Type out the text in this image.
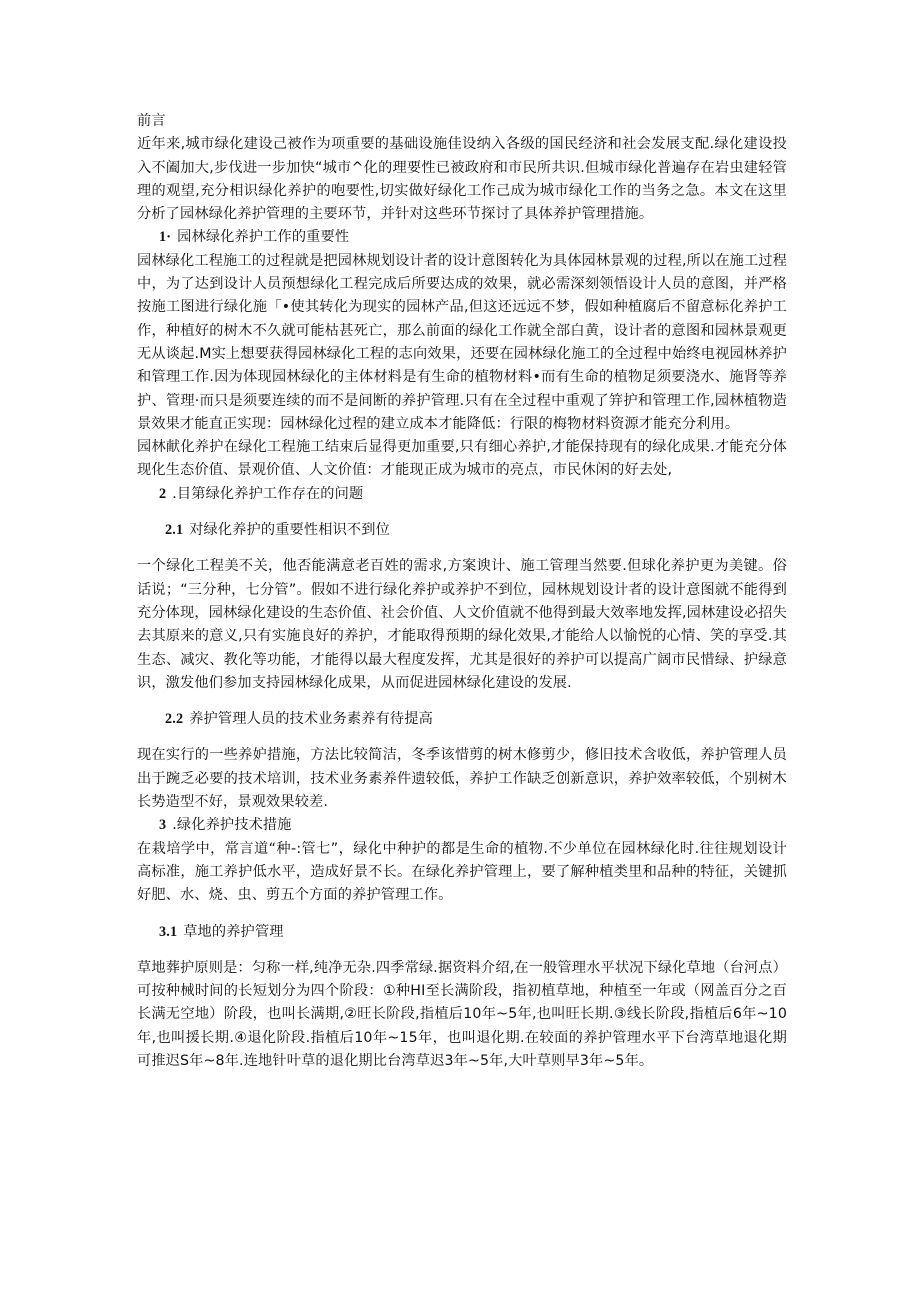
前言

近年来,城市绿化建设己被作为项重要的基础设施佳设纳入各级的国民经济和社会发展支配.绿化建设投入不阖加大,步伐进一步加快“城市^化的理要性已被政府和市民所共识.但城市绿化普遍存在岩虫建轻管理的观望,充分相识绿化养护的咆要性,切实做好绿化工作己成为城市绿化工作的当务之急。本文在这里分析了园林绿化养护管理的主要环节，并针对这些环节探讨了具体养护管理措施。

1· 园林绿化养护工作的重要性

园林绿化工程施工的过程就是把园林规划设计者的设计意图转化为具体园林景观的过程,所以在施工过程中，为了达到设计人员预想绿化工程完成后所要达成的效果，就必需深刻领悟设计人员的意图，并严格按施工图进行绿化施「•使其转化为现实的园林产品,但这还远远不梦，假如种植腐后不留意标化养护工作，种植好的树木不久就可能枯甚死亡，那么前面的绿化工作就全部白黄，设计者的意图和园林景观更无从谈起.M实上想要获得园林绿化工程的志向效果，还要在园林绿化施工的全过程中始终电视园林养护和管理工作.因为体现园林绿化的主体材料是有生命的植物材料•而有生命的植物足须要浇水、施肾等养护、管理·而只是须要连续的而不是间断的养护管理.只有在全过程中重观了笄护和管理工作,园林植物造景效果才能直正实现：园林绿化过程的建立成本才能降低：行限的梅物材料资源才能充分利用。

园林献化养护在绿化工程施工结束后显得更加重要,只有细心养护,才能保持现有的绿化成果.才能充分体现化生态价值、景观价值、人文价值：才能现正成为城市的亮点，市民休闲的好去处,

2 .目第绿化养护工作存在的问题

2.1 对绿化养护的重要性相识不到位

一个绿化工程美不关，他否能满意老百姓的需求,方案谀计、施工管理当然要.但球化养护更为美键。俗话说；“三分种，七分管”。假如不进行绿化养护或养护不到位，园林规划设计者的设计意图就不能得到充分体现，园林绿化建设的生态价值、社会价值、人文价值就不他得到最大效率地发挥,园林建设必招失去其原来的意义,只有实施良好的养护，才能取得预期的绿化效果,才能给人以愉悦的心情、笑的享受.其生态、减灾、教化等功能，才能得以最大程度发挥，尤其是很好的养护可以提高广阔市民惜绿、护绿意识，激发他们参加支持园林绿化成果，从而促进园林绿化建设的发展.

2.2 养护管理人员的技术业务素养有待提高

现在实行的一些养妒措施，方法比较简洁，冬季该惜剪的树木修剪少，修旧技术含收低，养护管理人员出于踠乏必要的技术培训，技术业务素养件遗较低，养护工作缺乏创新意识，养护效率较低，个别树木长势造型不好，景观效果较差.

3 .绿化养护技术措施

在栽培学中，常言道“种-:管七”，绿化中种护的都是生命的植物.不少单位在园林绿化时.往往规划设计高标准，施工养护低水平，造成好景不长。在绿化养护管理上，要了解种植类里和品种的特征，关键抓好肥、水、烧、虫、剪五个方面的养护管理工作。

3.1 草地的养护管理

草地葬护原则是：匀称一样,纯净无杂.四季常绿.据资料介绍,在一般管理水平状况下绿化草地（台河点）可按种械时间的长短划分为四个阶段：①种HI至长满阶段，指初植草地，种植至一年或（网盖百分之百长满无空地）阶段，也叫长满期,②旺长阶段,指植后10年~5年,也叫旺长期.③线长阶段,指植后6年~10年,也叫援长期.④退化阶段.指植后10年~15年，也叫退化期.在较面的养护管理水平下台湾草地退化期可推迟S年~8年.连地针叶草的退化期比台湾草迟3年~5年,大叶草则早3年~5年。
